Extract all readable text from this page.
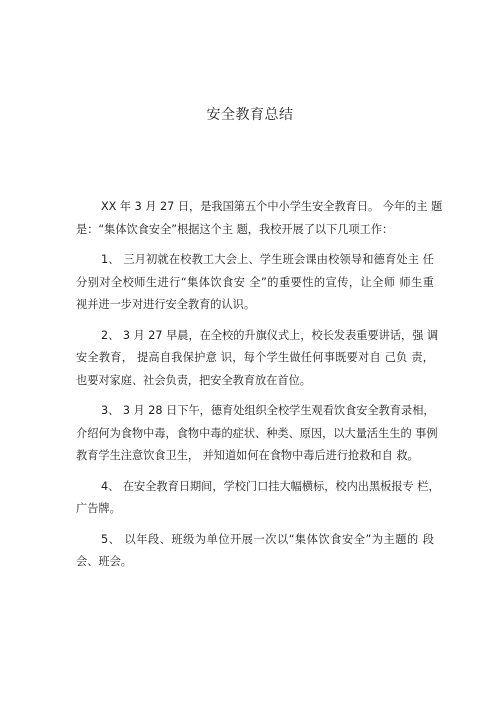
安全教育总结

XX 年 3 月 27 日，是我国第五个中小学生安全教育日。 今年的主 题
是：“集体饮食安全”根据这个主 题，我校开展了以下几项工作：

1、 三月初就在校教工大会上、学生班会课由校领导和德育处主 任
分别对全校师生进行“集体饮食安 全”的重要性的宣传，让全师 师生重
视并进一步对进行安全教育的认识。

2、 3 月 27 早晨，在全校的升旗仪式上，校长发表重要讲话，强 调
安全教育， 提高自我保护意 识，每个学生做任何事既要对自 己负 责，
也要对家庭、社会负责，把安全教育放在首位。

3、 3 月 28 日下午，德育处组织全校学生观看饮食安全教育录相，
介绍何为食物中毒，食物中毒的症状、种类、原因，以大量活生生的 事例
教育学生注意饮食卫生， 并知道如何在食物中毒后进行抢救和自 救。

4、 在安全教育日期间，学校门口挂大幅横标，校内出黑板报专 栏，
广告牌。

5、 以年段、班级为单位开展一次以“集体饮食安全”为主题的 段
会、班会。
